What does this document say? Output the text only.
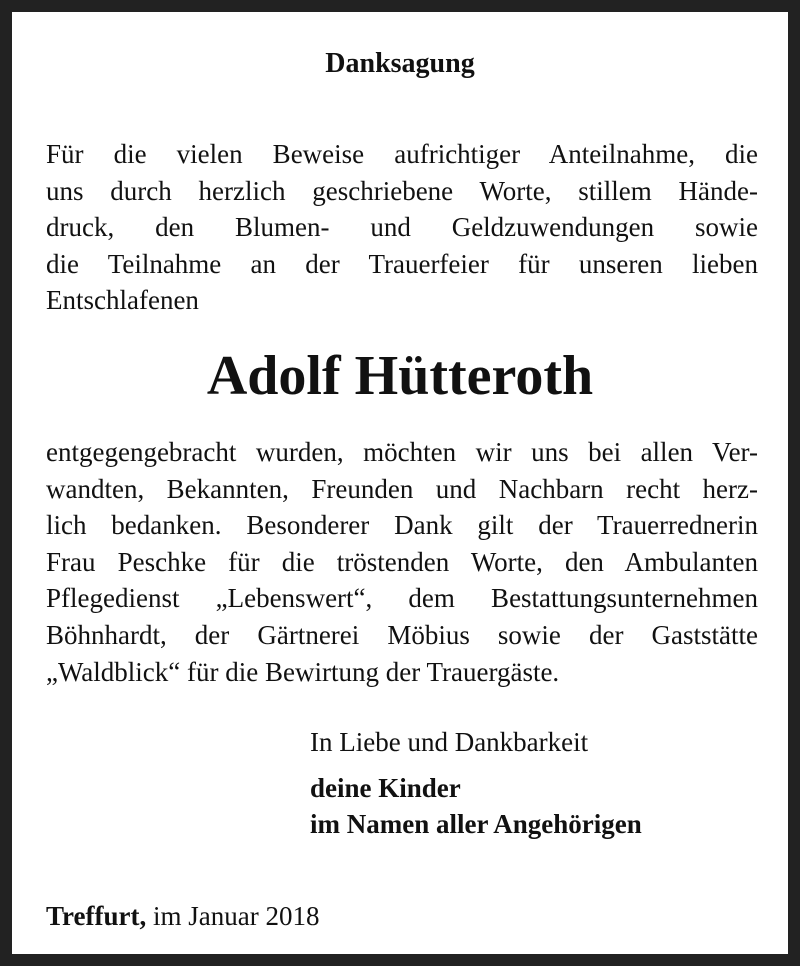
Danksagung
Für die vielen Beweise aufrichtiger Anteilnahme, die
uns durch herzlich geschriebene Worte, stillem Hände-
druck, den Blumen- und Geldzuwendungen sowie
die Teilnahme an der Trauerfeier für unseren lieben
Entschlafenen
Adolf Hütteroth
entgegengebracht wurden, möchten wir uns bei allen Ver-
wandten, Bekannten, Freunden und Nachbarn recht herz-
lich bedanken. Besonderer Dank gilt der Trauerrednerin
Frau Peschke für die tröstenden Worte, den Ambulanten
Pflegedienst „Lebenswert“, dem Bestattungsunternehmen
Böhnhardt, der Gärtnerei Möbius sowie der Gaststätte
„Waldblick“ für die Bewirtung der Trauergäste.
In Liebe und Dankbarkeit
deine Kinder
im Namen aller Angehörigen
Treffurt, im Januar 2018
